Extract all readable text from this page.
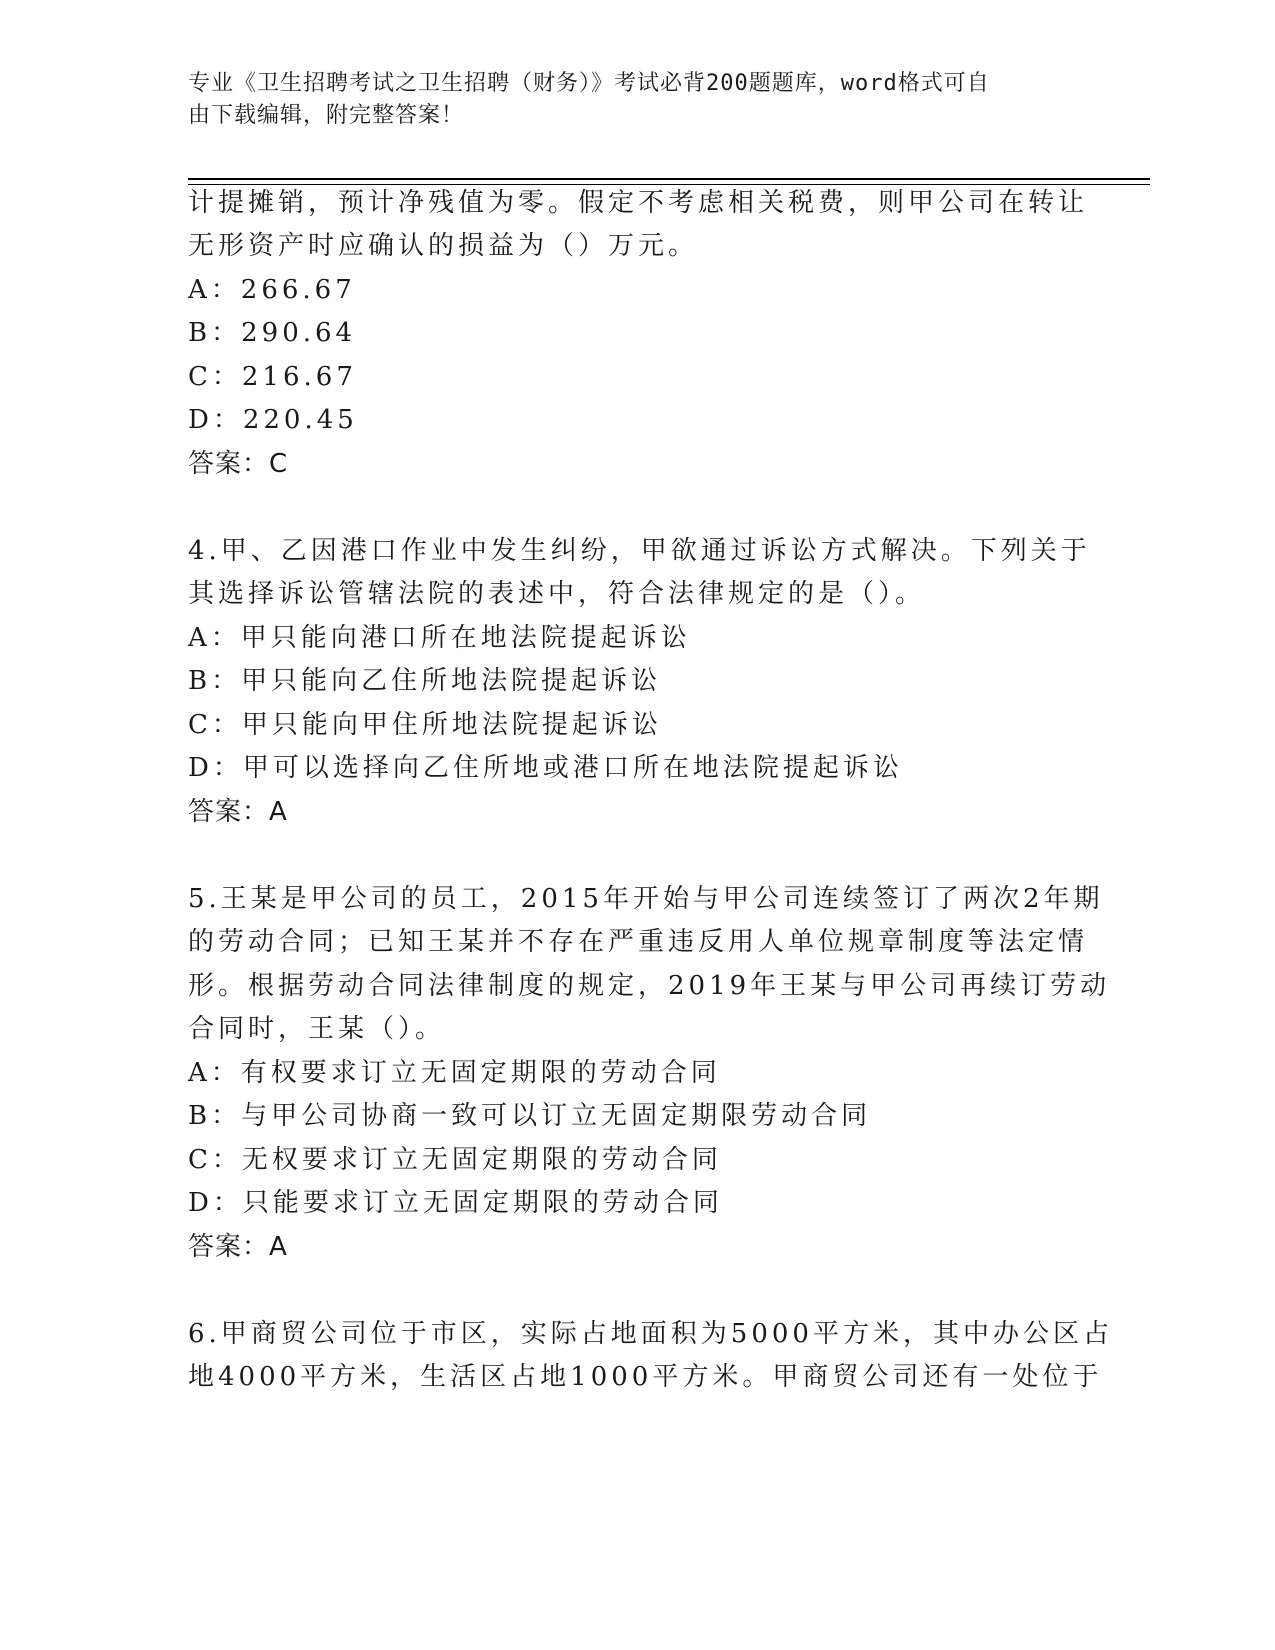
专业《卫生招聘考试之卫生招聘（财务）》考试必背200题题库，word格式可自
由下载编辑，附完整答案！
计提摊销，预计净残值为零。假定不考虑相关税费，则甲公司在转让
无形资产时应确认的损益为（）万元。
A：266.67
B：290.64
C：216.67
D：220.45
答案：C
4.甲、乙因港口作业中发生纠纷，甲欲通过诉讼方式解决。下列关于
其选择诉讼管辖法院的表述中，符合法律规定的是（）。
A：甲只能向港口所在地法院提起诉讼
B：甲只能向乙住所地法院提起诉讼
C：甲只能向甲住所地法院提起诉讼
D：甲可以选择向乙住所地或港口所在地法院提起诉讼
答案：A
5.王某是甲公司的员工，2015年开始与甲公司连续签订了两次2年期
的劳动合同；已知王某并不存在严重违反用人单位规章制度等法定情
形。根据劳动合同法律制度的规定，2019年王某与甲公司再续订劳动
合同时，王某（）。
A：有权要求订立无固定期限的劳动合同
B：与甲公司协商一致可以订立无固定期限劳动合同
C：无权要求订立无固定期限的劳动合同
D：只能要求订立无固定期限的劳动合同
答案：A
6.甲商贸公司位于市区，实际占地面积为5000平方米，其中办公区占
地4000平方米，生活区占地1000平方米。甲商贸公司还有一处位于
